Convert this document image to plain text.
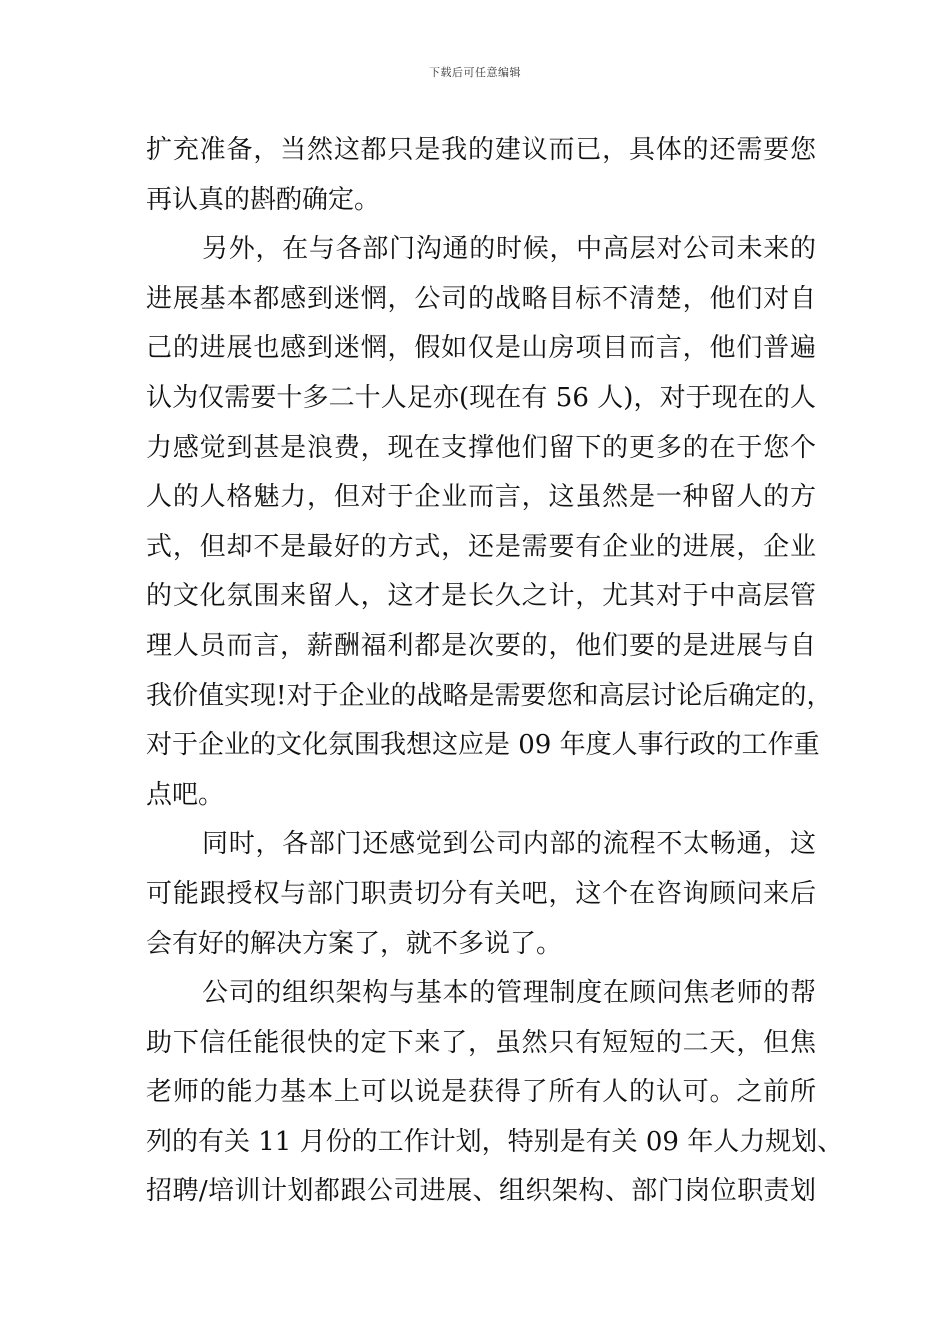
下载后可任意编辑
扩充准备，当然这都只是我的建议而已，具体的还需要您
再认真的斟酌确定。
另外，在与各部门沟通的时候，中高层对公司未来的
进展基本都感到迷惘，公司的战略目标不清楚，他们对自
己的进展也感到迷惘，假如仅是山房项目而言，他们普遍
认为仅需要十多二十人足亦(现在有 56 人)，对于现在的人
力感觉到甚是浪费，现在支撑他们留下的更多的在于您个
人的人格魅力，但对于企业而言，这虽然是一种留人的方
式，但却不是最好的方式，还是需要有企业的进展，企业
的文化氛围来留人，这才是长久之计，尤其对于中高层管
理人员而言，薪酬福利都是次要的，他们要的是进展与自
我价值实现!对于企业的战略是需要您和高层讨论后确定的，
对于企业的文化氛围我想这应是 09 年度人事行政的工作重
点吧。
同时，各部门还感觉到公司内部的流程不太畅通，这
可能跟授权与部门职责切分有关吧，这个在咨询顾问来后
会有好的解决方案了，就不多说了。
公司的组织架构与基本的管理制度在顾问焦老师的帮
助下信任能很快的定下来了，虽然只有短短的二天，但焦
老师的能力基本上可以说是获得了所有人的认可。之前所
列的有关 11 月份的工作计划，特别是有关 09 年人力规划、
招聘/培训计划都跟公司进展、组织架构、部门岗位职责划
